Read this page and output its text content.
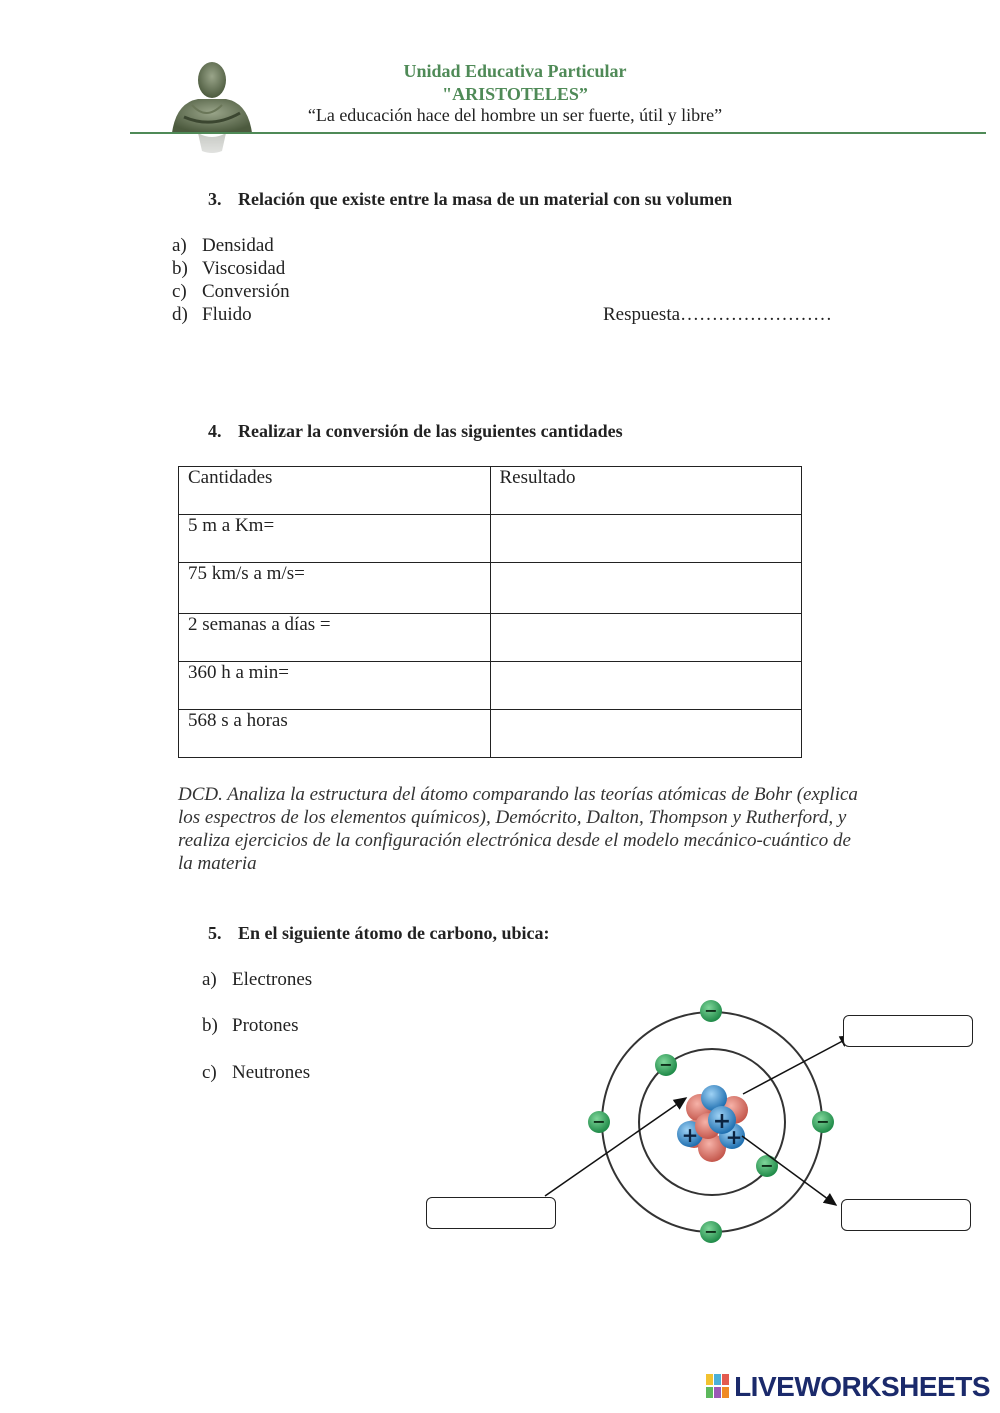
Unidad Educativa Particular
"ARISTOTELES”
“La educación hace del hombre un ser fuerte, útil y libre”
3. Relación que existe entre la masa de un material con su volumen
a) Densidad
b) Viscosidad
c) Conversión
d) Fluido	Respuesta……………………
4. Realizar la conversión de las siguientes cantidades
Cantidades	Resultado
5 m a Km=	
75 km/s a m/s=	
2 semanas a días =	
360 h a min=	
568 s a horas	
DCD. Analiza la estructura del átomo comparando las teorías atómicas de Bohr (explica los espectros de los elementos químicos), Demócrito, Dalton, Thompson y Rutherford, y realiza ejercicios de la configuración electrónica desde el modelo mecánico-cuántico de la materia
5. En el siguiente átomo de carbono, ubica:
a) Electrones
b) Protones
c) Neutrones
+
+
+
−
−	−
−
−
−
LIVEWORKSHEETS
